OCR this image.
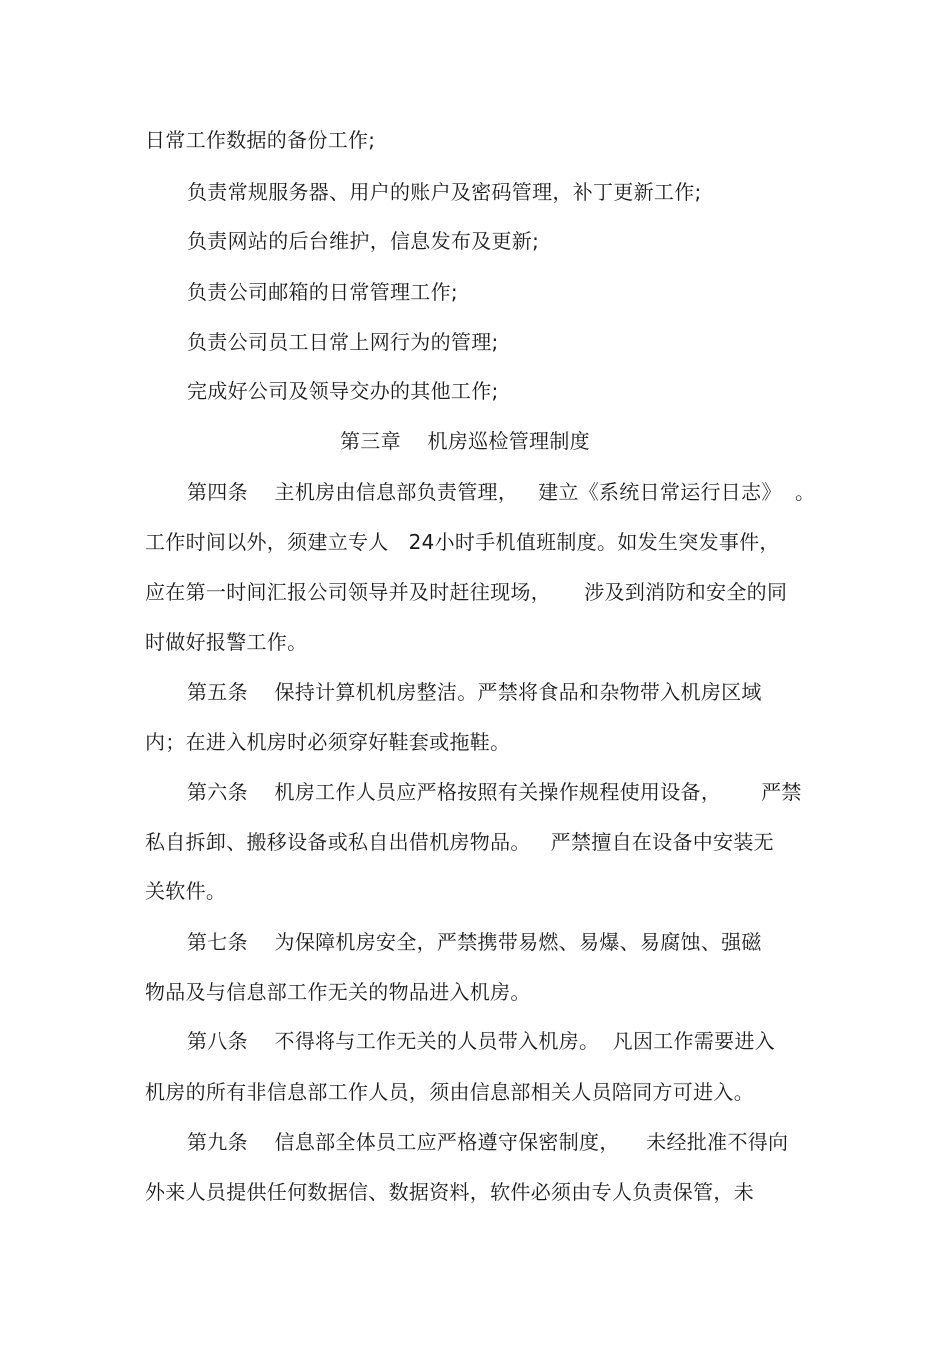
日常工作数据的备份工作;
负责常规服务器、用户的账户及密码管理，补丁更新工作;
负责网站的后台维护，信息发布及更新;
负责公司邮箱的日常管理工作;
负责公司员工日常上网行为的管理;
完成好公司及领导交办的其他工作;
第三章    机房巡检管理制度
第四条    主机房由信息部负责管理，   建立《系统日常运行日志》  。
工作时间以外，须建立专人   24小时手机值班制度。如发生突发事件，
应在第一时间汇报公司领导并及时赶往现场，     涉及到消防和安全的同
时做好报警工作。
第五条    保持计算机机房整洁。严禁将食品和杂物带入机房区域
内；在进入机房时必须穿好鞋套或拖鞋。
第六条    机房工作人员应严格按照有关操作规程使用设备，      严禁
私自拆卸、搬移设备或私自出借机房物品。   严禁擅自在设备中安装无
关软件。
第七条    为保障机房安全，严禁携带易燃、易爆、易腐蚀、强磁
物品及与信息部工作无关的物品进入机房。
第八条    不得将与工作无关的人员带入机房。  凡因工作需要进入
机房的所有非信息部工作人员，须由信息部相关人员陪同方可进入。
第九条    信息部全体员工应严格遵守保密制度，    未经批准不得向
外来人员提供任何数据信、数据资料，软件必须由专人负责保管，未
